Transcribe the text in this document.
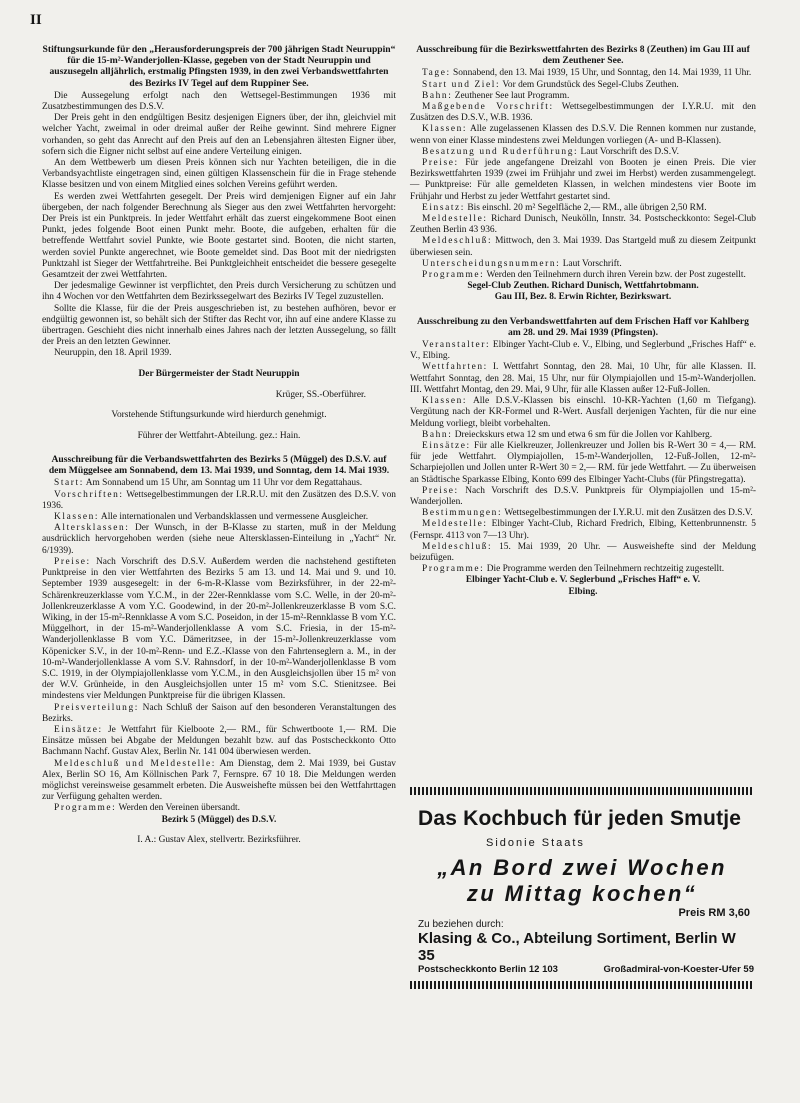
II

Stiftungsurkunde für den „Herausforderungspreis der 700 jährigen Stadt Neuruppin“ für die 15-m²-Wanderjollen-Klasse, gegeben von der Stadt Neuruppin und auszusegeln alljährlich, erstmalig Pfingsten 1939, in den zwei Verbandswettfahrten des Bezirks IV Tegel auf dem Ruppiner See.

Die Aussegelung erfolgt nach den Wettsegel-Bestimmungen 1936 mit Zusatzbestimmungen des D.S.V.

Der Preis geht in den endgültigen Besitz desjenigen Eigners über, der ihn, gleichviel mit welcher Yacht, zweimal in oder dreimal außer der Reihe gewinnt. Sind mehrere Eigner vorhanden, so geht das Anrecht auf den Preis auf den an Lebensjahren ältesten Eigner über, sofern sich die Eigner nicht selbst auf eine andere Verteilung einigen.

An dem Wettbewerb um diesen Preis können sich nur Yachten beteiligen, die in die Verbandsyachtliste eingetragen sind, einen gültigen Klassenschein für die in Frage stehende Klasse besitzen und von einem Mitglied eines solchen Vereins geführt werden.

Es werden zwei Wettfahrten gesegelt. Der Preis wird demjenigen Eigner auf ein Jahr übergeben, der nach folgender Berechnung als Sieger aus den zwei Wettfahrten hervorgeht: Der Preis ist ein Punktpreis. In jeder Wettfahrt erhält das zuerst eingekommene Boot einen Punkt, jedes folgende Boot einen Punkt mehr. Boote, die aufgeben, erhalten für die betreffende Wettfahrt soviel Punkte, wie Boote gestartet sind. Booten, die nicht starten, werden soviel Punkte angerechnet, wie Boote gemeldet sind. Das Boot mit der niedrigsten Punktzahl ist Sieger der Wettfahrtreihe. Bei Punktgleichheit entscheidet die bessere gesegelte Gesamtzeit der zwei Wettfahrten.

Der jedesmalige Gewinner ist verpflichtet, den Preis durch Versicherung zu schützen und ihn 4 Wochen vor den Wettfahrten dem Bezirkssegelwart des Bezirks IV Tegel zuzustellen.

Sollte die Klasse, für die der Preis ausgeschrieben ist, zu bestehen aufhören, bevor er endgültig gewonnen ist, so behält sich der Stifter das Recht vor, ihn auf eine andere Klasse zu übertragen. Geschieht dies nicht innerhalb eines Jahres nach der letzten Aussegelung, so fällt der Preis an den letzten Gewinner.

Neuruppin, den 18. April 1939.

Der Bürgermeister der Stadt Neuruppin

Krüger, SS.-Oberführer.

Vorstehende Stiftungsurkunde wird hierdurch genehmigt.

Führer der Wettfahrt-Abteilung. gez.: Hain.

Ausschreibung für die Verbandswettfahrten des Bezirks 5 (Müggel) des D.S.V. auf dem Müggelsee am Sonnabend, dem 13. Mai 1939, und Sonntag, dem 14. Mai 1939.

Start: Am Sonnabend um 15 Uhr, am Sonntag um 11 Uhr vor dem Regattahaus.

Vorschriften: Wettsegelbestimmungen der I.R.R.U. mit den Zusätzen des D.S.V. von 1936.

Klassen: Alle internationalen und Verbandsklassen und vermessene Ausgleicher.

Altersklassen: Der Wunsch, in der B-Klasse zu starten, muß in der Meldung ausdrücklich hervorgehoben werden (siehe neue Altersklassen-Einteilung in „Yacht“ Nr. 6/1939).

Preise: Nach Vorschrift des D.S.V. Außerdem werden die nachstehend gestifteten Punktpreise in den vier Wettfahrten des Bezirks 5 am 13. und 14. Mai und 9. und 10. September 1939 ausgesegelt: in der 6-m-R-Klasse vom Bezirksführer, in der 22-m²-Schärenkreuzerklasse vom Y.C.M., in der 22er-Rennklasse vom S.C. Welle, in der 20-m²-Jollenkreuzerklasse A vom Y.C. Goodewind, in der 20-m²-Jollenkreuzerklasse B vom S.C. Wiking, in der 15-m²-Rennklasse A vom S.C. Poseidon, in der 15-m²-Rennklasse B vom Y.C. Müggelhort, in der 15-m²-Wanderjollenklasse A vom S.C. Friesia, in der 15-m²-Wanderjollenklasse B vom Y.C. Dämeritzsee, in der 15-m²-Jollenkreuzerklasse vom Köpenicker S.V., in der 10-m²-Renn- und E.Z.-Klasse von den Fahrtenseglern a. M., in der 10-m²-Wanderjollenklasse A vom S.V. Rahnsdorf, in der 10-m²-Wanderjollenklasse B vom S.C. 1919, in der Olympiajollenklasse vom Y.C.M., in den Ausgleichsjollen über 15 m² von der W.V. Grünheide, in den Ausgleichsjollen unter 15 m² vom S.C. Stienitzsee. Bei mindestens vier Meldungen Punktpreise für die übrigen Klassen.

Preisverteilung: Nach Schluß der Saison auf den besonderen Veranstaltungen des Bezirks.

Einsätze: Je Wettfahrt für Kielboote 2,— RM., für Schwertboote 1,— RM. Die Einsätze müssen bei Abgabe der Meldungen bezahlt bzw. auf das Postscheckkonto Otto Bachmann Nachf. Gustav Alex, Berlin Nr. 141 004 überwiesen werden.

Meldeschluß und Meldestelle: Am Dienstag, dem 2. Mai 1939, bei Gustav Alex, Berlin SO 16, Am Köllnischen Park 7, Fernspre. 67 10 18. Die Meldungen werden möglichst vereinsweise gesammelt erbeten. Die Ausweishefte müssen bei den Wettfahrttagen zur Verfügung gehalten werden.

Programme: Werden den Vereinen übersandt.

Bezirk 5 (Müggel) des D.S.V.

I. A.: Gustav Alex, stellvertr. Bezirksführer.

Ausschreibung für die Bezirkswettfahrten des Bezirks 8 (Zeuthen) im Gau III auf dem Zeuthener See.

Tage: Sonnabend, den 13. Mai 1939, 15 Uhr, und Sonntag, den 14. Mai 1939, 11 Uhr.

Start und Ziel: Vor dem Grundstück des Segel-Clubs Zeuthen.

Bahn: Zeuthener See laut Programm.

Maßgebende Vorschrift: Wettsegelbestimmungen der I.Y.R.U. mit den Zusätzen des D.S.V., W.B. 1936.

Klassen: Alle zugelassenen Klassen des D.S.V. Die Rennen kommen nur zustande, wenn von einer Klasse mindestens zwei Meldungen vorliegen (A- und B-Klassen).

Besatzung und Ruderführung: Laut Vorschrift des D.S.V.

Preise: Für jede angefangene Dreizahl von Booten je einen Preis. Die vier Bezirkswettfahrten 1939 (zwei im Frühjahr und zwei im Herbst) werden zusammengelegt. — Punktpreise: Für alle gemeldeten Klassen, in welchen mindestens vier Boote im Frühjahr und Herbst zu jeder Wettfahrt gestartet sind.

Einsatz: Bis einschl. 20 m² Segelfläche 2,— RM., alle übrigen 2,50 RM.

Meldestelle: Richard Dunisch, Neukölln, Innstr. 34. Postscheckkonto: Segel-Club Zeuthen Berlin 43 936.

Meldeschluß: Mittwoch, den 3. Mai 1939. Das Startgeld muß zu diesem Zeitpunkt überwiesen sein.

Unterscheidungsnummern: Laut Vorschrift.

Programme: Werden den Teilnehmern durch ihren Verein bzw. der Post zugestellt.

Segel-Club Zeuthen. Richard Dunisch, Wettfahrtobmann.

Gau III, Bez. 8. Erwin Richter, Bezirkswart.

Ausschreibung zu den Verbandswettfahrten auf dem Frischen Haff vor Kahlberg am 28. und 29. Mai 1939 (Pfingsten).

Veranstalter: Elbinger Yacht-Club e. V., Elbing, und Seglerbund „Frisches Haff“ e. V., Elbing.

Wettfahrten: I. Wettfahrt Sonntag, den 28. Mai, 10 Uhr, für alle Klassen. II. Wettfahrt Sonntag, den 28. Mai, 15 Uhr, nur für Olympiajollen und 15-m²-Wanderjollen. III. Wettfahrt Montag, den 29. Mai, 9 Uhr, für alle Klassen außer 12-Fuß-Jollen.

Klassen: Alle D.S.V.-Klassen bis einschl. 10-KR-Yachten (1,60 m Tiefgang). Vergütung nach der KR-Formel und R-Wert. Ausfall derjenigen Yachten, für die nur eine Meldung vorliegt, bleibt vorbehalten.

Bahn: Dreieckskurs etwa 12 sm und etwa 6 sm für die Jollen vor Kahlberg.

Einsätze: Für alle Kielkreuzer, Jollenkreuzer und Jollen bis R-Wert 30 = 4,— RM. für jede Wettfahrt. Olympiajollen, 15-m²-Wanderjollen, 12-Fuß-Jollen, 12-m²-Scharpiejollen und Jollen unter R-Wert 30 = 2,— RM. für jede Wettfahrt. — Zu überweisen an Städtische Sparkasse Elbing, Konto 699 des Elbinger Yacht-Clubs (für Pfingstregatta).

Preise: Nach Vorschrift des D.S.V. Punktpreis für Olympiajollen und 15-m²-Wanderjollen.

Bestimmungen: Wettsegelbestimmungen der I.Y.R.U. mit den Zusätzen des D.S.V.

Meldestelle: Elbinger Yacht-Club, Richard Fredrich, Elbing, Kettenbrunnenstr. 5 (Fernspr. 4113 von 7—13 Uhr).

Meldeschluß: 15. Mai 1939, 20 Uhr. — Ausweishefte sind der Meldung beizufügen.

Programme: Die Programme werden den Teilnehmern rechtzeitig zugestellt.

Elbinger Yacht-Club e. V. Seglerbund „Frisches Haff“ e. V.

Elbing.

Das Kochbuch für jeden Smutje
Sidonie Staats
„An Bord zwei Wochen
zu Mittag kochen“
Preis RM 3,60
Zu beziehen durch:
Klasing & Co., Abteilung Sortiment, Berlin W 35
Postscheckkonto Berlin 12 103	Großadmiral-von-Koester-Ufer 59
